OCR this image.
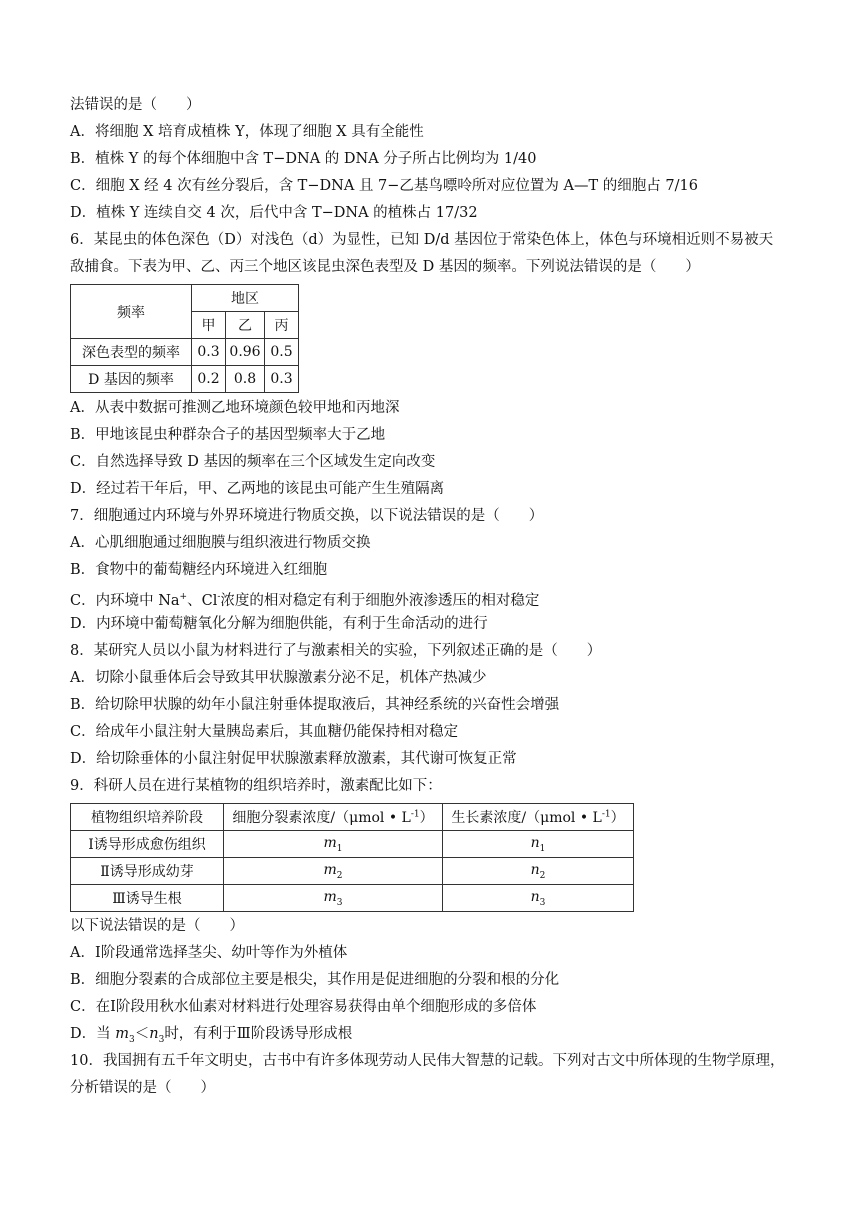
法错误的是（　　）
A．将细胞 X 培育成植株 Y，体现了细胞 X 具有全能性
B．植株 Y 的每个体细胞中含 T−DNA 的 DNA 分子所占比例均为 1/40
C．细胞 X 经 4 次有丝分裂后，含 T−DNA 且 7−乙基鸟嘌呤所对应位置为 A—T 的细胞占 7/16
D．植株 Y 连续自交 4 次，后代中含 T−DNA 的植株占 17/32
6．某昆虫的体色深色（D）对浅色（d）为显性，已知 D/d 基因位于常染色体上，体色与环境相近则不易被天敌捕食。下表为甲、乙、丙三个地区该昆虫深色表型及 D 基因的频率。下列说法错误的是（　　）
频率	地区		
	甲	乙	丙
深色表型的频率	0.3	0.96	0.5
D 基因的频率	0.2	0.8	0.3
A．从表中数据可推测乙地环境颜色较甲地和丙地深
B．甲地该昆虫种群杂合子的基因型频率大于乙地
C．自然选择导致 D 基因的频率在三个区域发生定向改变
D．经过若干年后，甲、乙两地的该昆虫可能产生生殖隔离
7．细胞通过内环境与外界环境进行物质交换，以下说法错误的是（　　）
A．心肌细胞通过细胞膜与组织液进行物质交换
B．食物中的葡萄糖经内环境进入红细胞
C．内环境中 Na+、Cl-浓度的相对稳定有利于细胞外液渗透压的相对稳定
D．内环境中葡萄糖氧化分解为细胞供能，有利于生命活动的进行
8．某研究人员以小鼠为材料进行了与激素相关的实验，下列叙述正确的是（　　）
A．切除小鼠垂体后会导致其甲状腺激素分泌不足，机体产热减少
B．给切除甲状腺的幼年小鼠注射垂体提取液后，其神经系统的兴奋性会增强
C．给成年小鼠注射大量胰岛素后，其血糖仍能保持相对稳定
D．给切除垂体的小鼠注射促甲状腺激素释放激素，其代谢可恢复正常
9．科研人员在进行某植物的组织培养时，激素配比如下：
植物组织培养阶段	细胞分裂素浓度/（μmol • $L^{-1}$）	生长素浓度/（μmol • $L^{-1}$）
Ⅰ诱导形成愈伤组织	$m_1$	$n_1$
Ⅱ诱导形成幼芽	$m_2$	$n_2$
Ⅲ诱导生根	$m_3$	$n_3$
以下说法错误的是（　　）
A．Ⅰ阶段通常选择茎尖、幼叶等作为外植体
B．细胞分裂素的合成部位主要是根尖，其作用是促进细胞的分裂和根的分化
C．在Ⅰ阶段用秋水仙素对材料进行处理容易获得由单个细胞形成的多倍体
D．当 $m_3<n_3$时，有利于Ⅲ阶段诱导形成根
10．我国拥有五千年文明史，古书中有许多体现劳动人民伟大智慧的记载。下列对古文中所体现的生物学原理，分析错误的是（　　）
